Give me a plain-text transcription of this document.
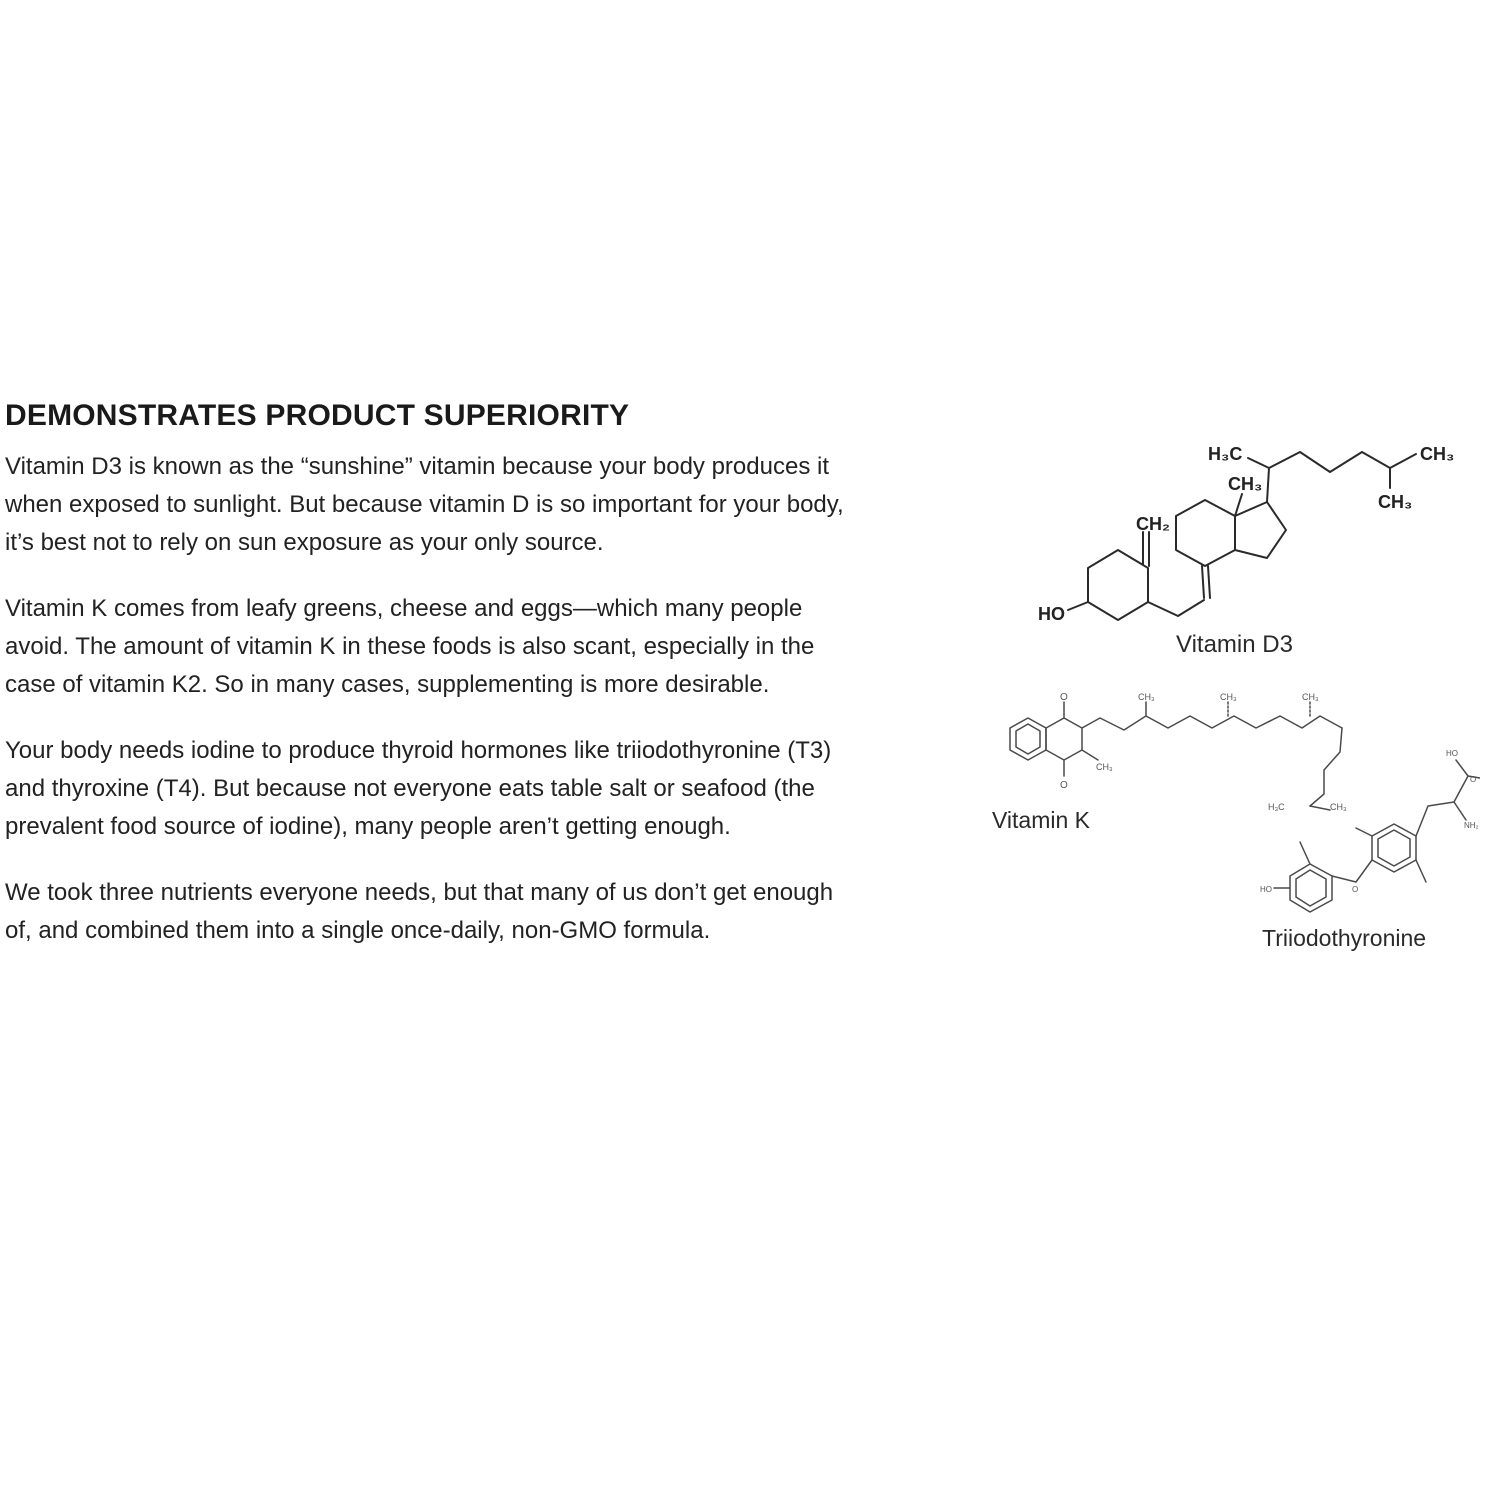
DEMONSTRATES PRODUCT SUPERIORITY

Vitamin D3 is known as the “sunshine” vitamin because your body produces it when exposed to sunlight. But because vitamin D is so important for your body, it’s best not to rely on sun exposure as your only source.

Vitamin K comes from leafy greens, cheese and eggs—which many people avoid. The amount of vitamin K in these foods is also scant, especially in the case of vitamin K2. So in many cases, supplementing is more desirable.

Your body needs iodine to produce thyroid hormones like triiodothyronine (T3) and thyroxine (T4). But because not everyone eats table salt or seafood (the prevalent food source of iodine), many people aren’t getting enough.

We took three nutrients everyone needs, but that many of us don’t get enough of, and combined them into a single once-daily, non-GMO formula.

H₃C
CH₃
CH₃
CH₃
CH₂
HO
Vitamin D3
O
O
CH₃
CH₃	CH₃	CH₃
H₃C	CH₃
Vitamin K
HO
O
NH₂
HO	O
Triiodothyronine
